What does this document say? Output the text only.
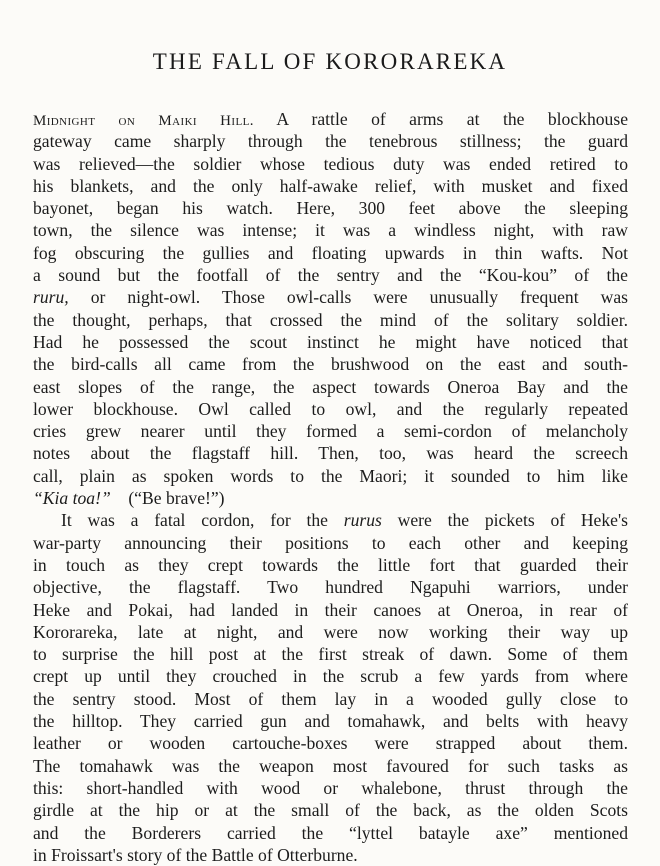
THE FALL OF KORORAREKA
Midnight on Maiki Hill. A rattle of arms at the blockhouse
gateway came sharply through the tenebrous stillness; the guard
was relieved—the soldier whose tedious duty was ended retired to
his blankets, and the only half-awake relief, with musket and fixed
bayonet, began his watch. Here, 300 feet above the sleeping
town, the silence was intense; it was a windless night, with raw
fog obscuring the gullies and floating upwards in thin wafts. Not
a sound but the footfall of the sentry and the “Kou-kou” of the
ruru, or night-owl. Those owl-calls were unusually frequent was
the thought, perhaps, that crossed the mind of the solitary soldier.
Had he possessed the scout instinct he might have noticed that
the bird-calls all came from the brushwood on the east and south-
east slopes of the range, the aspect towards Oneroa Bay and the
lower blockhouse. Owl called to owl, and the regularly repeated
cries grew nearer until they formed a semi-cordon of melancholy
notes about the flagstaff hill. Then, too, was heard the screech
call, plain as spoken words to the Maori; it sounded to him like
“Kia toa!”    (“Be brave!”)
It was a fatal cordon, for the rurus were the pickets of Heke's
war-party announcing their positions to each other and keeping
in touch as they crept towards the little fort that guarded their
objective, the flagstaff. Two hundred Ngapuhi warriors, under
Heke and Pokai, had landed in their canoes at Oneroa, in rear of
Kororareka, late at night, and were now working their way up
to surprise the hill post at the first streak of dawn. Some of them
crept up until they crouched in the scrub a few yards from where
the sentry stood. Most of them lay in a wooded gully close to
the hilltop. They carried gun and tomahawk, and belts with heavy
leather or wooden cartouche-boxes were strapped about them.
The tomahawk was the weapon most favoured for such tasks as
this: short-handled with wood or whalebone, thrust through the
girdle at the hip or at the small of the back, as the olden Scots
and the Borderers carried the “lyttel batayle axe” mentioned
in Froissart's story of the Battle of Otterburne.
